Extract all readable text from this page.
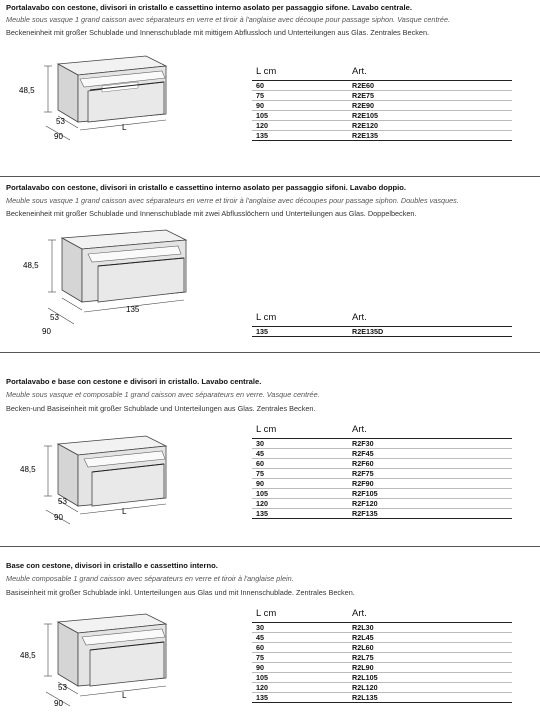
Portalavabo con cestone, divisori in cristallo e cassettino interno asolato per passaggio sifone. Lavabo centrale.
Meuble sous vasque 1 grand caisson avec séparateurs en verre et tiroir à l'anglaise avec découpe pour passage siphon. Vasque centrée.
Beckeneinheit mit großer Schublade und Innenschublade mit mittigem Abflussloch und Unterteilungen aus Glas. Zentrales Becken.
48,5
53
90
L
L cm	Art.
60	R2E60
75	R2E75
90	R2E90
105	R2E105
120	R2E120
135	R2E135
Portalavabo con cestone, divisori in cristallo e cassettino interno asolato per passaggio sifoni. Lavabo doppio.
Meuble sous vasque 1 grand caisson avec séparateurs en verre et tiroir à l'anglaise avec découpes pour passage siphon. Doubles vasques.
Beckeneinheit mit großer Schublade und Innenschublade mit zwei Abflusslöchern und Unterteilungen aus Glas. Doppelbecken.
48,5
53
90
135
L cm	Art.
135	R2E135D
Portalavabo e base con cestone e divisori in cristallo. Lavabo centrale.
Meuble sous vasque et composable 1 grand caisson avec séparateurs en verre. Vasque centrée.
Becken-und Basiseinheit mit großer Schublade und Unterteilungen aus Glas. Zentrales Becken.
48,5
53
90
L
L cm	Art.
30	R2F30
45	R2F45
60	R2F60
75	R2F75
90	R2F90
105	R2F105
120	R2F120
135	R2F135
Base con cestone, divisori in cristallo e cassettino interno.
Meuble composable 1 grand caisson avec séparateurs en verre et tiroir à l'anglaise plein.
Basiseinheit mit großer Schublade inkl. Unterteilungen aus Glas und mit Innenschublade. Zentrales Becken.
48,5
53
90
L
L cm	Art.
30	R2L30
45	R2L45
60	R2L60
75	R2L75
90	R2L90
105	R2L105
120	R2L120
135	R2L135
